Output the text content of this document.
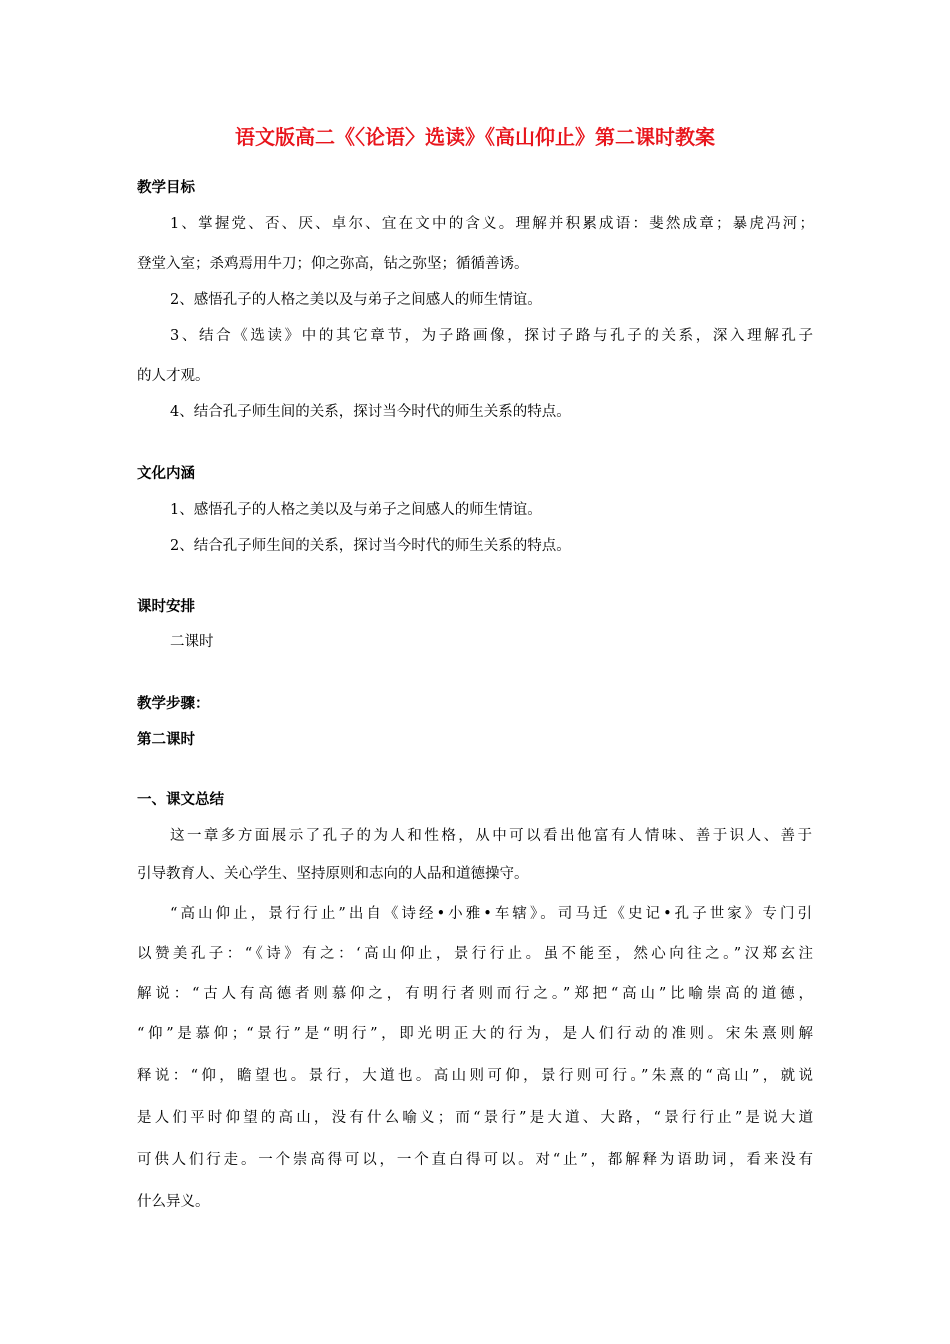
语文版高二《〈论语〉选读》《高山仰止》第二课时教案
教学目标
1、掌握党、否、厌、卓尔、宜在文中的含义。理解并积累成语：斐然成章；暴虎冯河；
登堂入室；杀鸡焉用牛刀；仰之弥高，钻之弥坚；循循善诱。
2、感悟孔子的人格之美以及与弟子之间感人的师生情谊。
3、结合《选读》中的其它章节，为子路画像，探讨子路与孔子的关系，深入理解孔子
的人才观。
4、结合孔子师生间的关系，探讨当今时代的师生关系的特点。
文化内涵
1、感悟孔子的人格之美以及与弟子之间感人的师生情谊。
2、结合孔子师生间的关系，探讨当今时代的师生关系的特点。
课时安排
二课时
教学步骤：
第二课时
一、课文总结
这一章多方面展示了孔子的为人和性格，从中可以看出他富有人情味、善于识人、善于
引导教育人、关心学生、坚持原则和志向的人品和道德操守。
“高山仰止，景行行止”出自《诗经•小雅•车辖》。司马迁《史记•孔子世家》专门引
以赞美孔子：“《诗》有之：‘高山仰止，景行行止。虽不能至，然心向往之。”汉郑玄注
解说：“古人有高德者则慕仰之，有明行者则而行之。”郑把“高山”比喻崇高的道德，
“仰”是慕仰；“景行”是“明行”，即光明正大的行为，是人们行动的准则。宋朱熹则解
释说：“仰，瞻望也。景行，大道也。高山则可仰，景行则可行。”朱熹的“高山”，就说
是人们平时仰望的高山，没有什么喻义；而“景行”是大道、大路，“景行行止”是说大道
可供人们行走。一个崇高得可以，一个直白得可以。对“止”，都解释为语助词，看来没有
什么异义。
